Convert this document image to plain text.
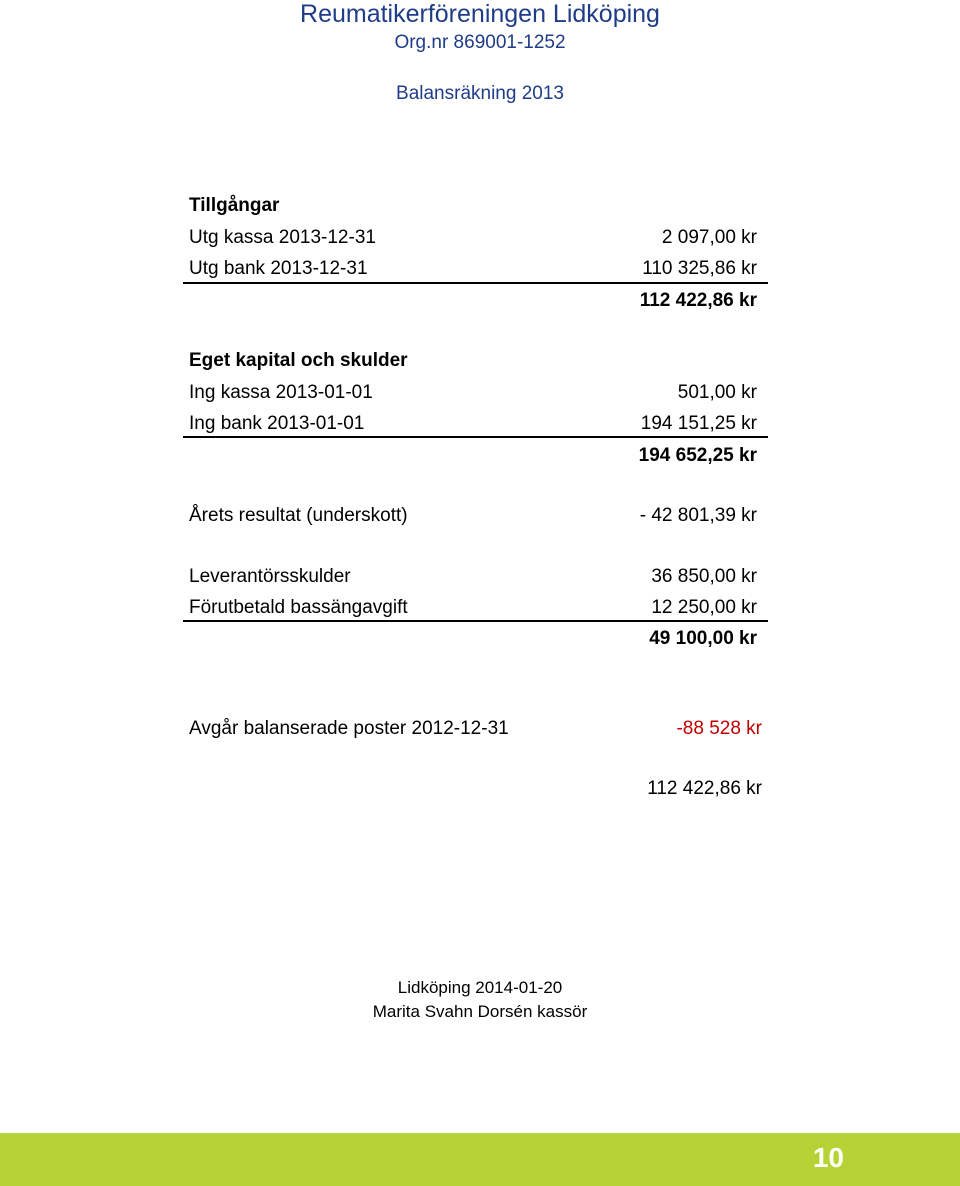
Reumatikerföreningen Lidköping
Org.nr 869001-1252
Balansräkning 2013
Tillgångar
Utg kassa 2013-12-31	2 097,00 kr
Utg bank 2013-12-31	110 325,86 kr
112 422,86 kr
Eget kapital och skulder
Ing kassa 2013-01-01	501,00 kr
Ing bank 2013-01-01	194 151,25 kr
194 652,25 kr
Årets resultat (underskott)	- 42 801,39 kr
Leverantörsskulder	36 850,00 kr
Förutbetald bassängavgift	12 250,00 kr
49 100,00 kr
Avgår balanserade poster 2012-12-31	-88 528 kr
112 422,86 kr
Lidköping 2014-01-20
Marita Svahn Dorsén kassör
10
